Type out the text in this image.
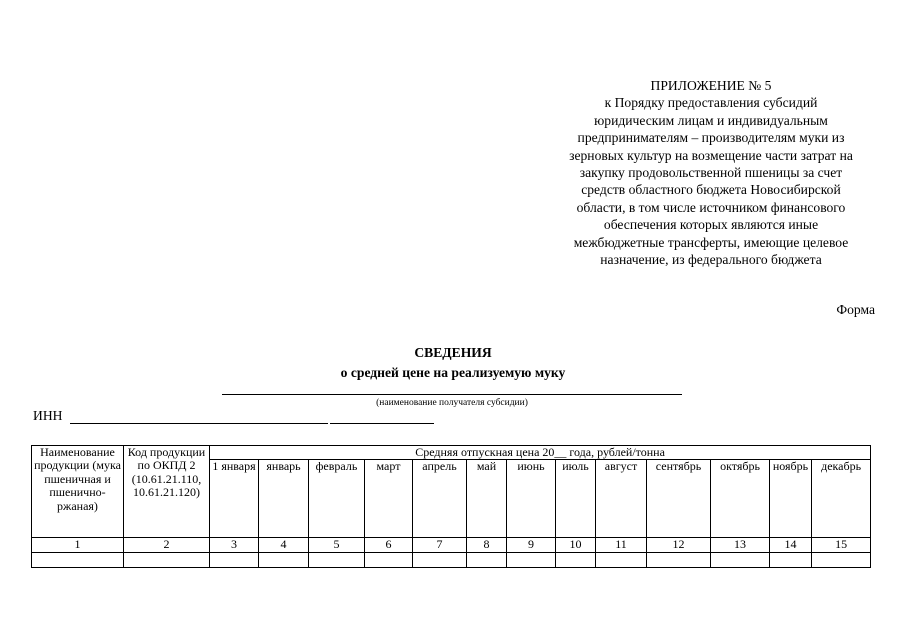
ПРИЛОЖЕНИЕ № 5
к Порядку предоставления субсидий
юридическим лицам и индивидуальным
предпринимателям – производителям муки из
зерновых культур на возмещение части затрат на
закупку продовольственной пшеницы за счет
средств областного бюджета Новосибирской
области, в том числе источником финансового
обеспечения которых являются иные
межбюджетные трансферты, имеющие целевое
назначение, из федерального бюджета
Форма
СВЕДЕНИЯ
о средней цене на реализуемую муку
(наименование получателя субсидии)
ИНН
Наименование продукции (мука пшеничная и пшенично-ржаная)	Код продукции по ОКПД 2 (10.61.21.110, 10.61.21.120)	Средняя отпускная цена 20__ года, рублей/тонна												
		1 января	январь	февраль	март	апрель	май	июнь	июль	август	сентябрь	октябрь	ноябрь	декабрь
1	2	3	4	5	6	7	8	9	10	11	12	13	14	15
